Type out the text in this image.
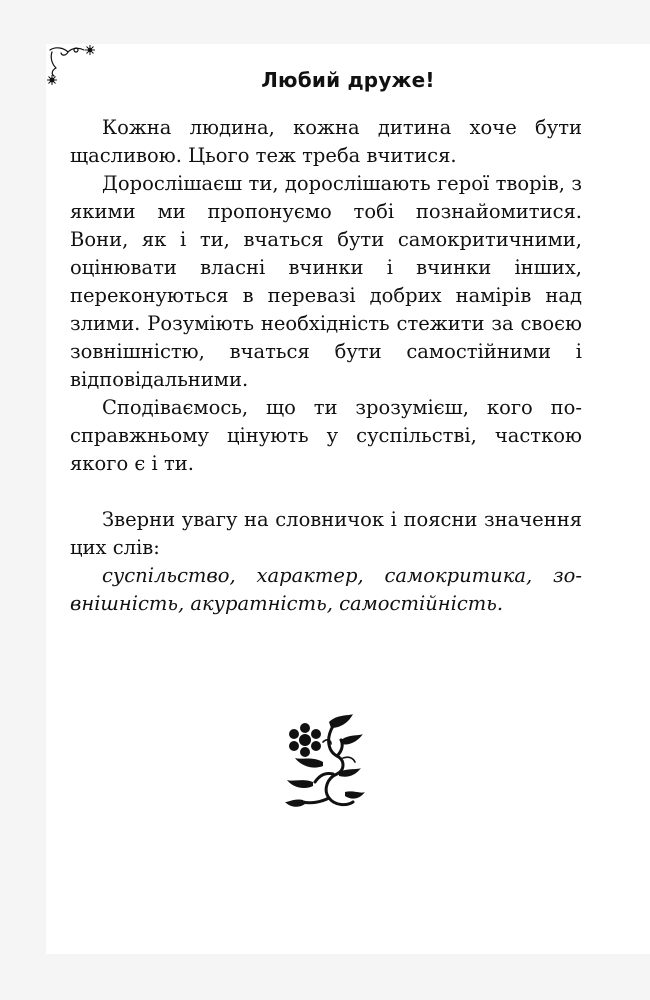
Любий друже!

Кожна людина, кожна дитина хоче бути щасливою. Цього теж треба вчитися.

Дорослішаєш ти, дорослішають герої творів, з якими ми пропонуємо тобі познайомитися. Вони, як і ти, вчаться бути самокритичними, оцінювати власні вчинки і вчинки інших, переконуються в перевазі добрих намірів над злими. Розуміють необхідність стежити за своєю зовнішністю, вчаться бути самостійними і відповідальними.

Сподіваємось, що ти зрозумієш, кого посправжньому цінують у суспільстві, часткою якого є і ти.

Зверни увагу на словничок і поясни значення цих слів:

суспільство, характер, самокритика, зовнішність, акуратність, самостійність.
